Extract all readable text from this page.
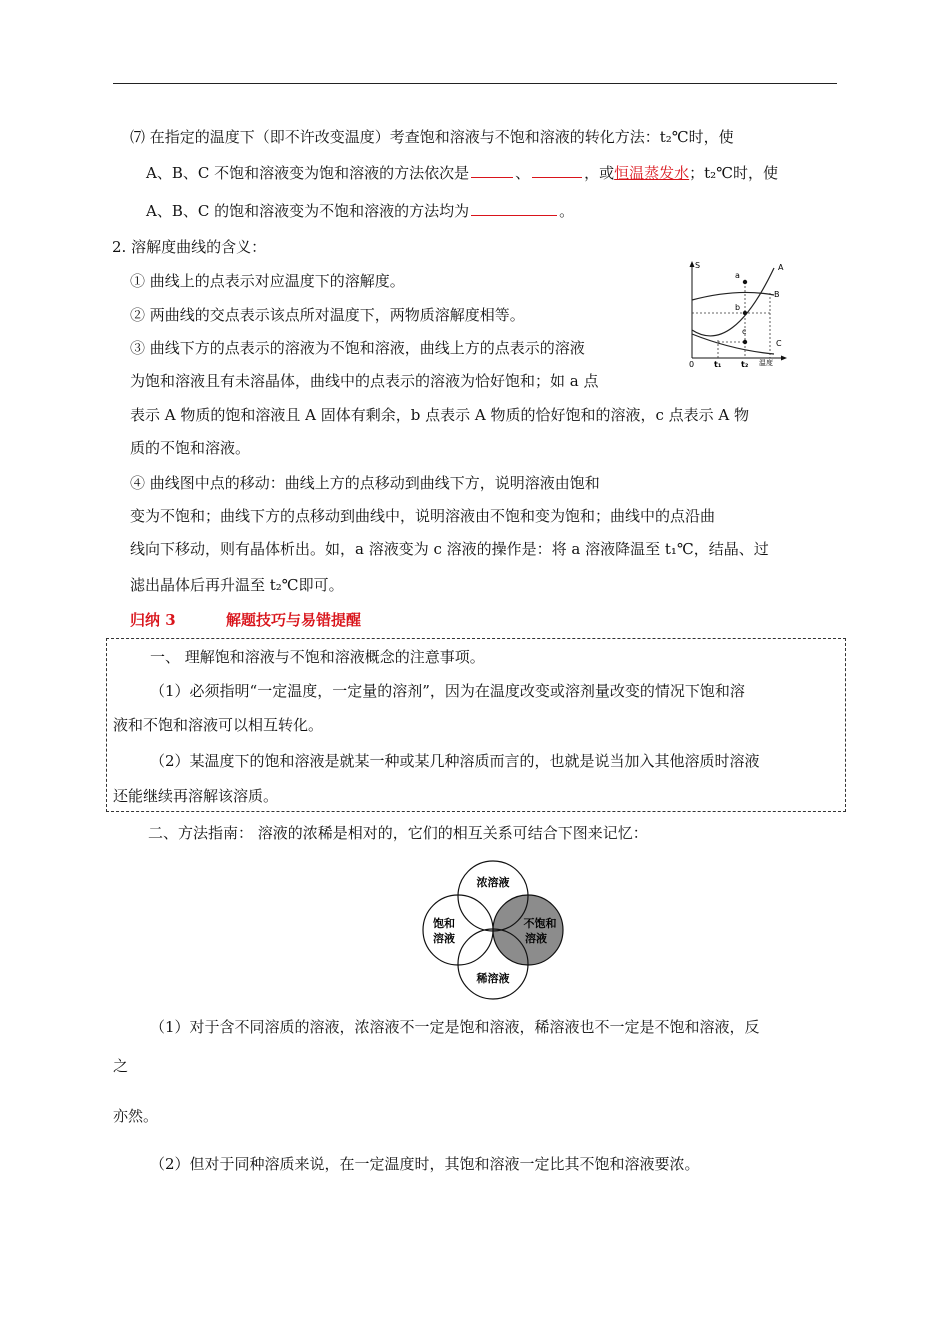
⑺ 在指定的温度下（即不许改变温度）考查饱和溶液与不饱和溶液的转化方法：t₂℃时，使
A、B、C 不饱和溶液变为饱和溶液的方法依次是	、	，或恒温蒸发水；t₂℃时，使
A、B、C 的饱和溶液变为不饱和溶液的方法均为	。
2. 溶解度曲线的含义：
① 曲线上的点表示对应温度下的溶解度。
② 两曲线的交点表示该点所对温度下，两物质溶解度相等。
③ 曲线下方的点表示的溶液为不饱和溶液，曲线上方的点表示的溶液
为饱和溶液且有未溶晶体，曲线中的点表示的溶液为恰好饱和；如 a 点
表示 A 物质的饱和溶液且 A 固体有剩余，b 点表示 A 物质的恰好饱和的溶液，c 点表示 A 物
质的不饱和溶液。
④ 曲线图中点的移动：曲线上方的点移动到曲线下方，说明溶液由饱和
变为不饱和；曲线下方的点移动到曲线中，说明溶液由不饱和变为饱和；曲线中的点沿曲
线向下移动，则有晶体析出。如，a 溶液变为 c 溶液的操作是：将 a 溶液降温至 t₁℃，结晶、过
滤出晶体后再升温至 t₂℃即可。
S
0 t₁ t₂ 温度
a
b
c
A
B
C
归纳 3	解题技巧与易错提醒
一、 理解饱和溶液与不饱和溶液概念的注意事项。
（1）必须指明“一定温度，一定量的溶剂”，因为在温度改变或溶剂量改变的情况下饱和溶
液和不饱和溶液可以相互转化。
（2）某温度下的饱和溶液是就某一种或某几种溶质而言的，也就是说当加入其他溶质时溶液
还能继续再溶解该溶质。
二、方法指南： 溶液的浓稀是相对的，它们的相互关系可结合下图来记忆：
浓溶液
饱和
溶液
不饱和
溶液
稀溶液
（1）对于含不同溶质的溶液，浓溶液不一定是饱和溶液，稀溶液也不一定是不饱和溶液，反
之
亦然。
（2）但对于同种溶质来说，在一定温度时，其饱和溶液一定比其不饱和溶液要浓。
